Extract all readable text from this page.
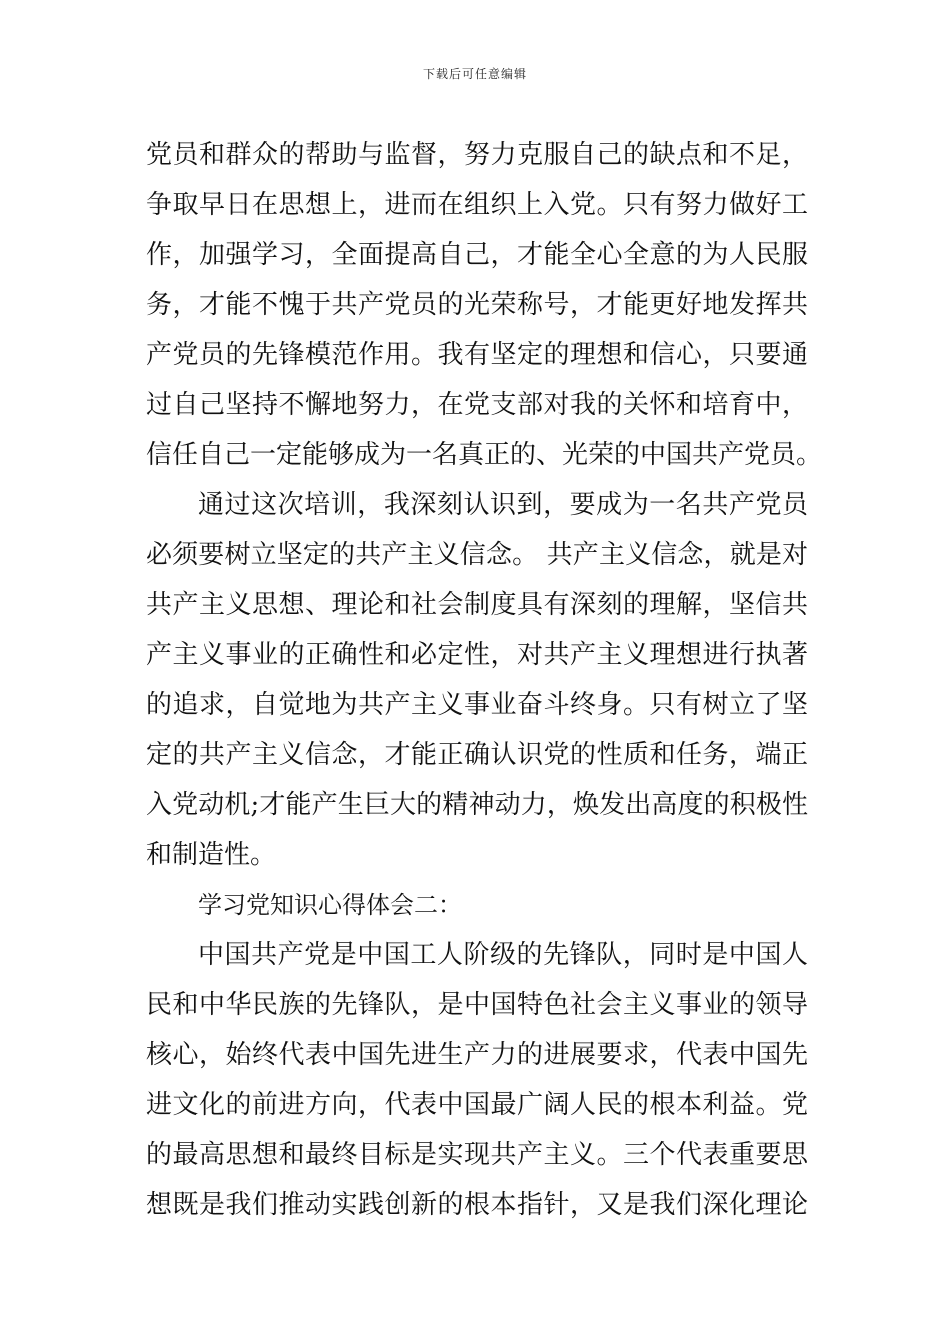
下载后可任意编辑
党员和群众的帮助与监督，努力克服自己的缺点和不足，
争取早日在思想上，进而在组织上入党。只有努力做好工
作，加强学习，全面提高自己，才能全心全意的为人民服
务，才能不愧于共产党员的光荣称号，才能更好地发挥共
产党员的先锋模范作用。我有坚定的理想和信心，只要通
过自己坚持不懈地努力，在党支部对我的关怀和培育中，
信任自己一定能够成为一名真正的、光荣的中国共产党员。
通过这次培训，我深刻认识到，要成为一名共产党员
必须要树立坚定的共产主义信念。 共产主义信念，就是对
共产主义思想、理论和社会制度具有深刻的理解，坚信共
产主义事业的正确性和必定性，对共产主义理想进行执著
的追求，自觉地为共产主义事业奋斗终身。只有树立了坚
定的共产主义信念，才能正确认识党的性质和任务，端正
入党动机;才能产生巨大的精神动力，焕发出高度的积极性
和制造性。
学习党知识心得体会二：
中国共产党是中国工人阶级的先锋队，同时是中国人
民和中华民族的先锋队，是中国特色社会主义事业的领导
核心，始终代表中国先进生产力的进展要求，代表中国先
进文化的前进方向，代表中国最广阔人民的根本利益。党
的最高思想和最终目标是实现共产主义。三个代表重要思
想既是我们推动实践创新的根本指针，又是我们深化理论
